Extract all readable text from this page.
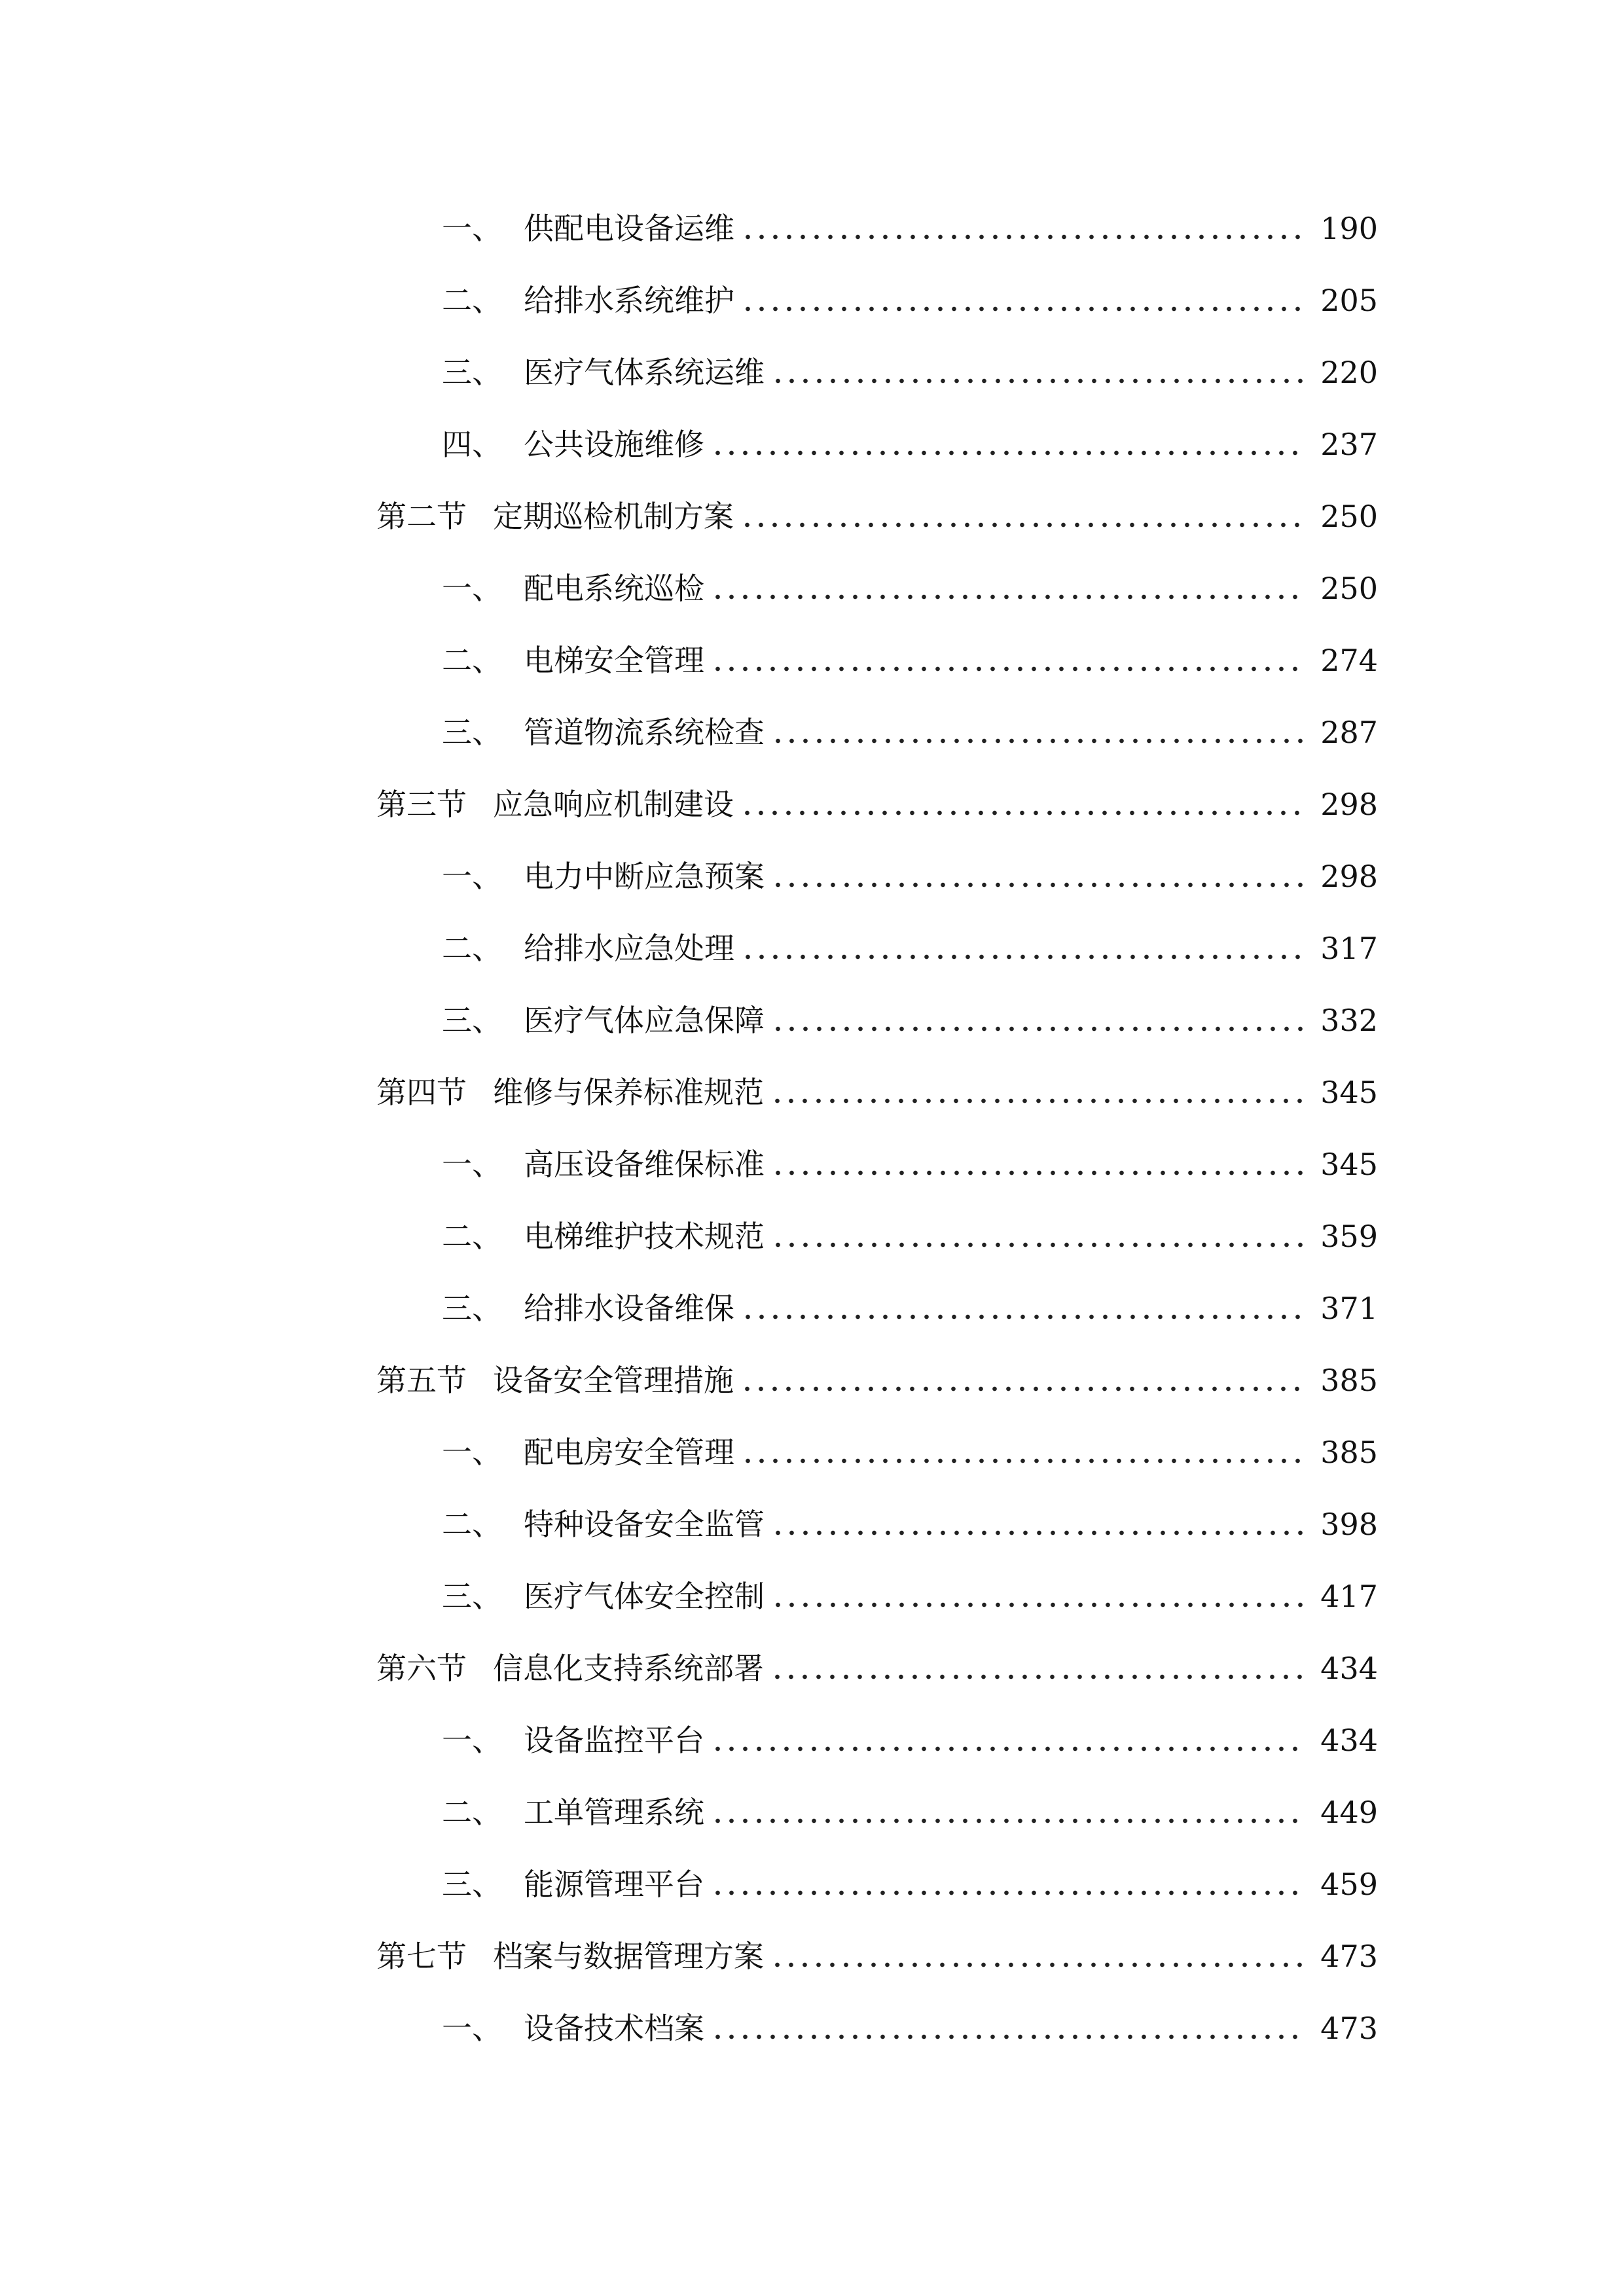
一、 供配电设备运维	190
二、 给排水系统维护	205
三、 医疗气体系统运维	220
四、 公共设施维修	237
第二节 定期巡检机制方案	250
一、 配电系统巡检	250
二、 电梯安全管理	274
三、 管道物流系统检查	287
第三节 应急响应机制建设	298
一、 电力中断应急预案	298
二、 给排水应急处理	317
三、 医疗气体应急保障	332
第四节 维修与保养标准规范	345
一、 高压设备维保标准	345
二、 电梯维护技术规范	359
三、 给排水设备维保	371
第五节 设备安全管理措施	385
一、 配电房安全管理	385
二、 特种设备安全监管	398
三、 医疗气体安全控制	417
第六节 信息化支持系统部署	434
一、 设备监控平台	434
二、 工单管理系统	449
三、 能源管理平台	459
第七节 档案与数据管理方案	473
一、 设备技术档案	473
